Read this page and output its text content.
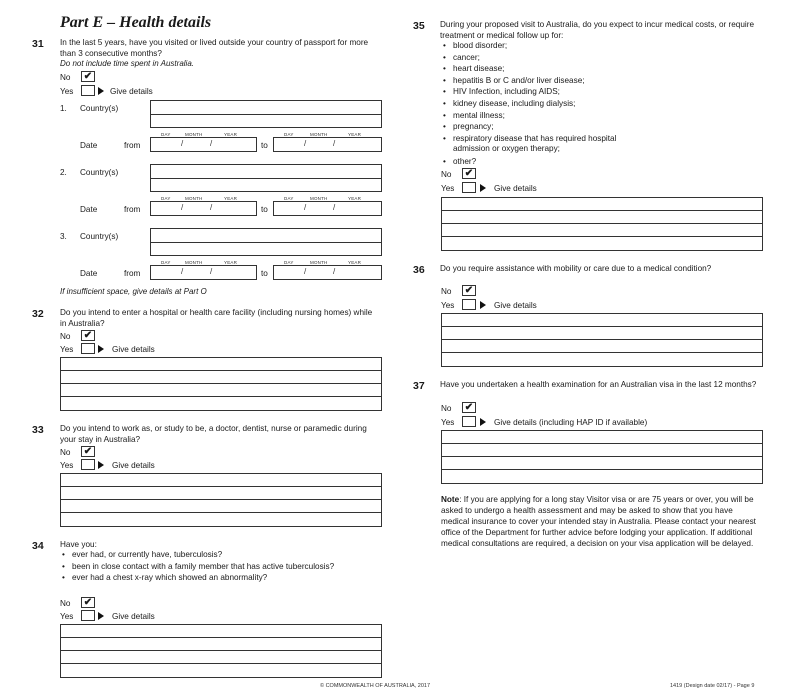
Part E – Health details
31 In the last 5 years, have you visited or lived outside your country of passport for more than 3 consecutive months?
Do not include time spent in Australia.
No ✔
Yes	Give details
1. Country(s)
DAY	MONTH	YEAR	DAY	MONTH	YEAR
Date	from	/	/	to	/	/
2. Country(s)
DAY	MONTH	YEAR	DAY	MONTH	YEAR
Date	from	/	/	to	/	/
3. Country(s)
DAY	MONTH	YEAR	DAY	MONTH	YEAR
Date	from	/	/	to	/	/
If insufficient space, give details at Part O
32 Do you intend to enter a hospital or health care facility (including nursing homes) while in Australia?
No ✔
Yes	Give details
33 Do you intend to work as, or study to be, a doctor, dentist, nurse or paramedic during your stay in Australia?
No ✔
Yes	Give details
34 Have you:
• ever had, or currently have, tuberculosis?
• been in close contact with a family member that has active tuberculosis?
• ever had a chest x-ray which showed an abnormality?
No ✔
Yes	Give details
35 During your proposed visit to Australia, do you expect to incur medical costs, or require treatment or medical follow up for:
• blood disorder;
• cancer;
• heart disease;
• hepatitis B or C and/or liver disease;
• HIV Infection, including AIDS;
• kidney disease, including dialysis;
• mental illness;
• pregnancy;
• respiratory disease that has required hospital admission or oxygen therapy;
• other?
No ✔
Yes	Give details
36 Do you require assistance with mobility or care due to a medical condition?
No ✔
Yes	Give details
37 Have you undertaken a health examination for an Australian visa in the last 12 months?
No ✔
Yes	Give details (including HAP ID if available)
Note: If you are applying for a long stay Visitor visa or are 75 years or over, you will be asked to undergo a health assessment and may be asked to show that you have medical insurance to cover your intended stay in Australia. Please contact your nearest office of the Department for further advice before lodging your application. If additional medical consultations are required, a decision on your visa application will be delayed.
© COMMONWEALTH OF AUSTRALIA, 2017	1419 (Design date 02/17) - Page 9
